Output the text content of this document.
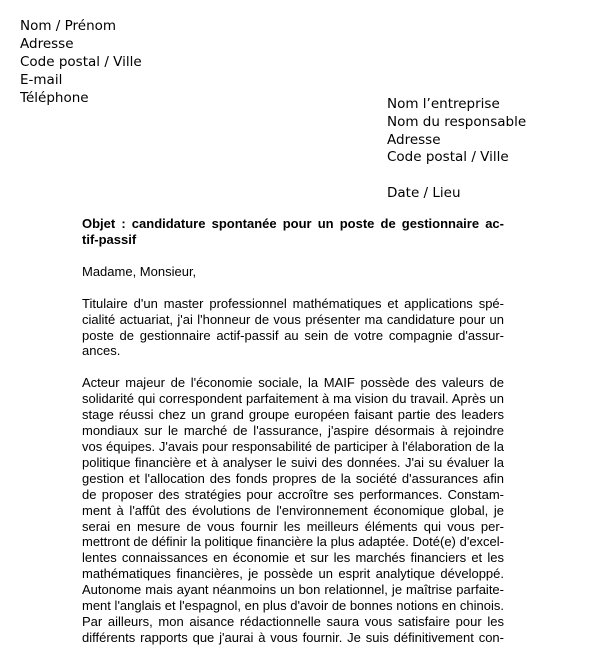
Nom / Prénom
Adresse
Code postal / Ville
E-mail
Téléphone	Nom l’entreprise
Nom du responsable
Adresse
Code postal / Ville
Date / Lieu
Objet : candidature spontanée pour un poste de gestionnaire ac-
tif-passif
Madame, Monsieur,
Titulaire d'un master professionnel mathématiques et applications spé-
cialité actuariat, j'ai l'honneur de vous présenter ma candidature pour un
poste de gestionnaire actif-passif au sein de votre compagnie d'assur-
ances.
Acteur majeur de l'économie sociale, la MAIF possède des valeurs de
solidarité qui correspondent parfaitement à ma vision du travail. Après un
stage réussi chez un grand groupe européen faisant partie des leaders
mondiaux sur le marché de l'assurance, j'aspire désormais à rejoindre
vos équipes. J'avais pour responsabilité de participer à l'élaboration de la
politique financière et à analyser le suivi des données. J'ai su évaluer la
gestion et l'allocation des fonds propres de la société d'assurances afin
de proposer des stratégies pour accroître ses performances. Constam-
ment à l'affût des évolutions de l'environnement économique global, je
serai en mesure de vous fournir les meilleurs éléments qui vous per-
mettront de définir la politique financière la plus adaptée. Doté(e) d'excel-
lentes connaissances en économie et sur les marchés financiers et les
mathématiques financières, je possède un esprit analytique développé.
Autonome mais ayant néanmoins un bon relationnel, je maîtrise parfaite-
ment l'anglais et l'espagnol, en plus d'avoir de bonnes notions en chinois.
Par ailleurs, mon aisance rédactionnelle saura vous satisfaire pour les
différents rapports que j'aurai à vous fournir. Je suis définitivement con-
